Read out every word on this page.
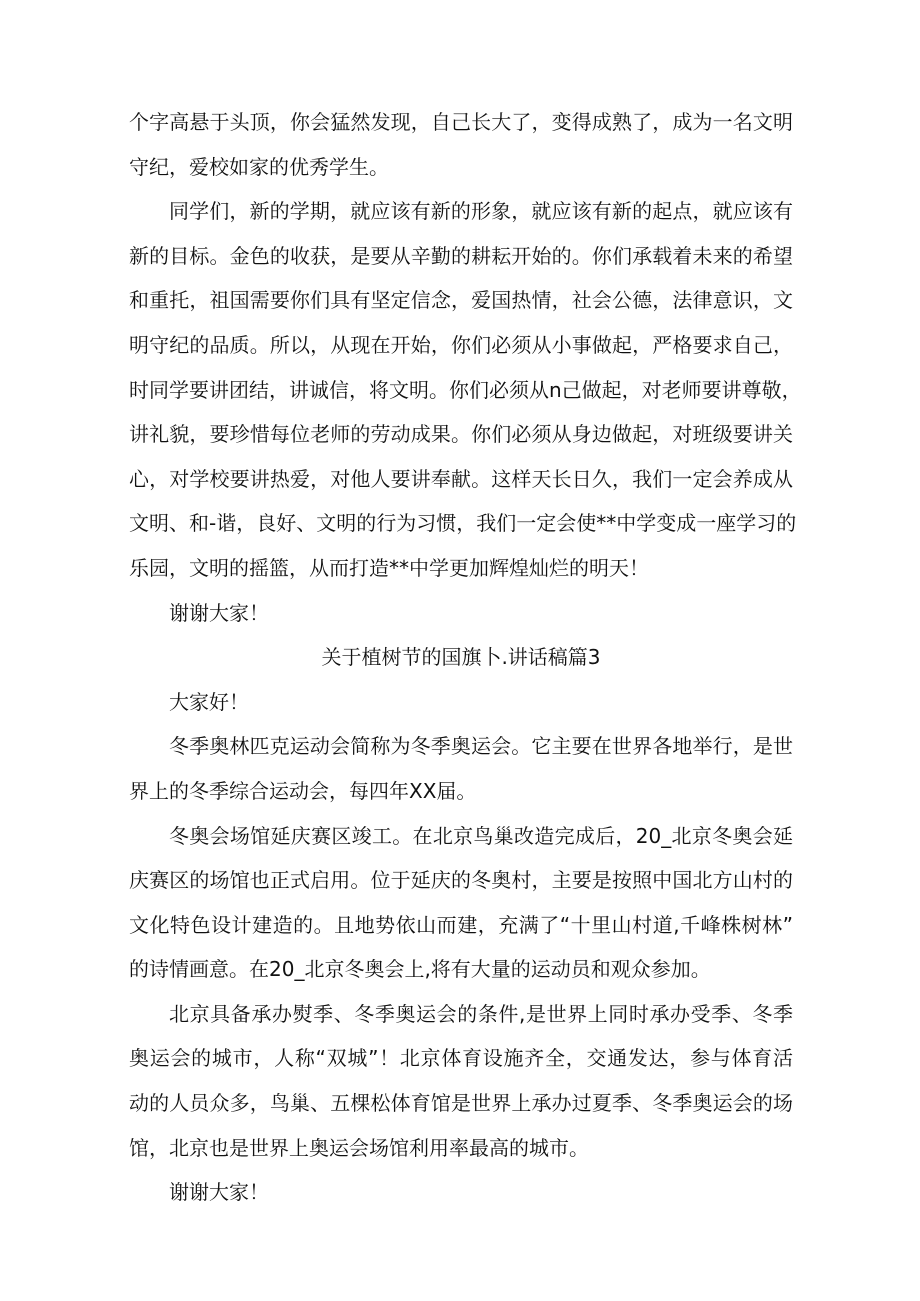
个字高悬于头顶，你会猛然发现，自己长大了，变得成熟了，成为一名文明
守纪，爱校如家的优秀学生。
同学们，新的学期，就应该有新的形象，就应该有新的起点，就应该有
新的目标。金色的收获，是要从辛勤的耕耘开始的。你们承载着未来的希望
和重托，祖国需要你们具有坚定信念，爱国热情，社会公德，法律意识，文
明守纪的品质。所以，从现在开始，你们必须从小事做起，严格要求自己，
时同学要讲团结，讲诚信，将文明。你们必须从n己做起，对老师要讲尊敬，
讲礼貌，要珍惜每位老师的劳动成果。你们必须从身边做起，对班级要讲关
心，对学校要讲热爱，对他人要讲奉献。这样天长日久，我们一定会养成从
文明、和-谐，良好、文明的行为习惯，我们一定会使**中学变成一座学习的
乐园，文明的摇篮，从而打造**中学更加辉煌灿烂的明天！
谢谢大家！
关于植树节的国旗卜.讲话稿篇3
大家好！
冬季奥林匹克运动会简称为冬季奥运会。它主要在世界各地举行，是世
界上的冬季综合运动会，每四年XX届。
冬奥会场馆延庆赛区竣工。在北京鸟巢改造完成后，20_北京冬奥会延
庆赛区的场馆也正式启用。位于延庆的冬奥村，主要是按照中国北方山村的
文化特色设计建造的。且地势依山而建，充满了“十里山村道,千峰株树林”
的诗情画意。在20_北京冬奥会上,将有大量的运动员和观众参加。
北京具备承办熨季、冬季奥运会的条件,是世界上同时承办受季、冬季
奥运会的城市，人称“双城”！北京体育设施齐全，交通发达，参与体育活
动的人员众多，鸟巢、五棵松体育馆是世界上承办过夏季、冬季奥运会的场
馆，北京也是世界上奥运会场馆利用率最高的城市。
谢谢大家！
